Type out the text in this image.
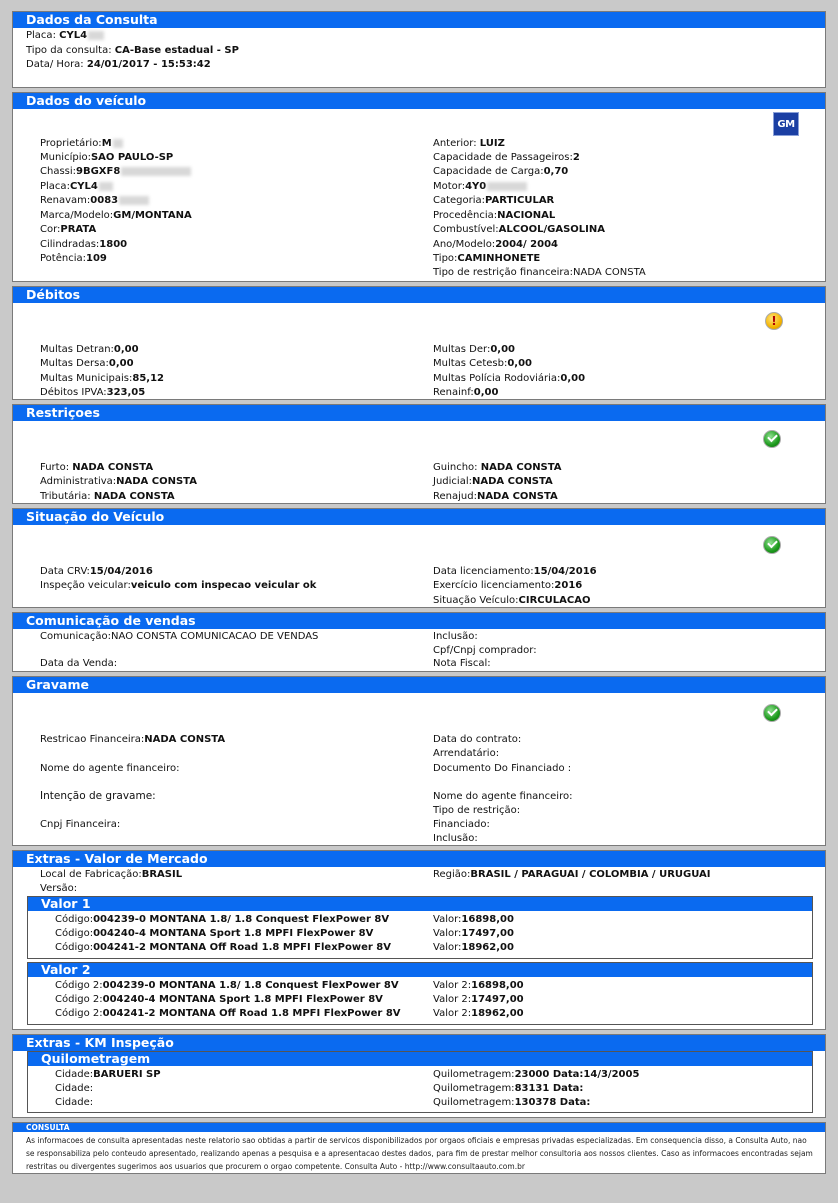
Dados da Consulta
Placa: CYL4
Tipo da consulta: CA-Base estadual - SP
Data/ Hora: 24/01/2017 - 15:53:42
Dados do veículo
GM
Proprietário:M
Município:SAO PAULO-SP
Chassi:9BGXF8
Placa:CYL4
Renavam:0083
Marca/Modelo:GM/MONTANA
Cor:PRATA
Cilindradas:1800
Potência:109
Anterior: LUIZ
Capacidade de Passageiros:2
Capacidade de Carga:0,70
Motor:4Y0
Categoria:PARTICULAR
Procedência:NACIONAL
Combustível:ALCOOL/GASOLINA
Ano/Modelo:2004/ 2004
Tipo:CAMINHONETE
Tipo de restrição financeira:NADA CONSTA
Débitos
!
Multas Detran:0,00
Multas Dersa:0,00
Multas Municipais:85,12
Débitos IPVA:323,05
Multas Der:0,00
Multas Cetesb:0,00
Multas Polícia Rodoviária:0,00
Renainf:0,00
Restriçoes
Furto: NADA CONSTA
Administrativa:NADA CONSTA
Tributária: NADA CONSTA
Guincho: NADA CONSTA
Judicial:NADA CONSTA
Renajud:NADA CONSTA
Situação do Veículo
Data CRV:15/04/2016
Inspeção veicular:veiculo com inspecao veicular ok
Data licenciamento:15/04/2016
Exercício licenciamento:2016
Situação Veículo:CIRCULACAO
Comunicação de vendas
Comunicação:NAO CONSTA COMUNICACAO DE VENDAS
Data da Venda:
Inclusão:
Cpf/Cnpj comprador:
Nota Fiscal:
Gravame
Restricao Financeira:NADA CONSTA
Nome do agente financeiro:
Intenção de gravame:
Cnpj Financeira:
Data do contrato:
Arrendatário:
Documento Do Financiado :
Nome do agente financeiro:
Tipo de restrição:
Financiado:
Inclusão:
Extras - Valor de Mercado
Local de Fabricação:BRASIL
Versão:
Região:BRASIL / PARAGUAI / COLOMBIA / URUGUAI
Valor 1
Código:004239-0 MONTANA 1.8/ 1.8 Conquest FlexPower 8V
Código:004240-4 MONTANA Sport 1.8 MPFI FlexPower 8V
Código:004241-2 MONTANA Off Road 1.8 MPFI FlexPower 8V
Valor:16898,00
Valor:17497,00
Valor:18962,00
Valor 2
Código 2:004239-0 MONTANA 1.8/ 1.8 Conquest FlexPower 8V
Código 2:004240-4 MONTANA Sport 1.8 MPFI FlexPower 8V
Código 2:004241-2 MONTANA Off Road 1.8 MPFI FlexPower 8V
Valor 2:16898,00
Valor 2:17497,00
Valor 2:18962,00
Extras - KM Inspeção
Quilometragem
Cidade:BARUERI SP
Cidade:
Cidade:
Quilometragem:23000 Data:14/3/2005
Quilometragem:83131 Data:
Quilometragem:130378 Data:
CONSULTA
As informacoes de consulta apresentadas neste relatorio sao obtidas a partir de servicos disponibilizados por orgaos oficiais e empresas privadas especializadas. Em consequencia disso, a Consulta Auto, nao se responsabiliza pelo conteudo apresentado, realizando apenas a pesquisa e a apresentacao destes dados, para fim de prestar melhor consultoria aos nossos clientes. Caso as informacoes encontradas sejam restritas ou divergentes sugerimos aos usuarios que procurem o orgao competente. Consulta Auto - http://www.consultaauto.com.br
